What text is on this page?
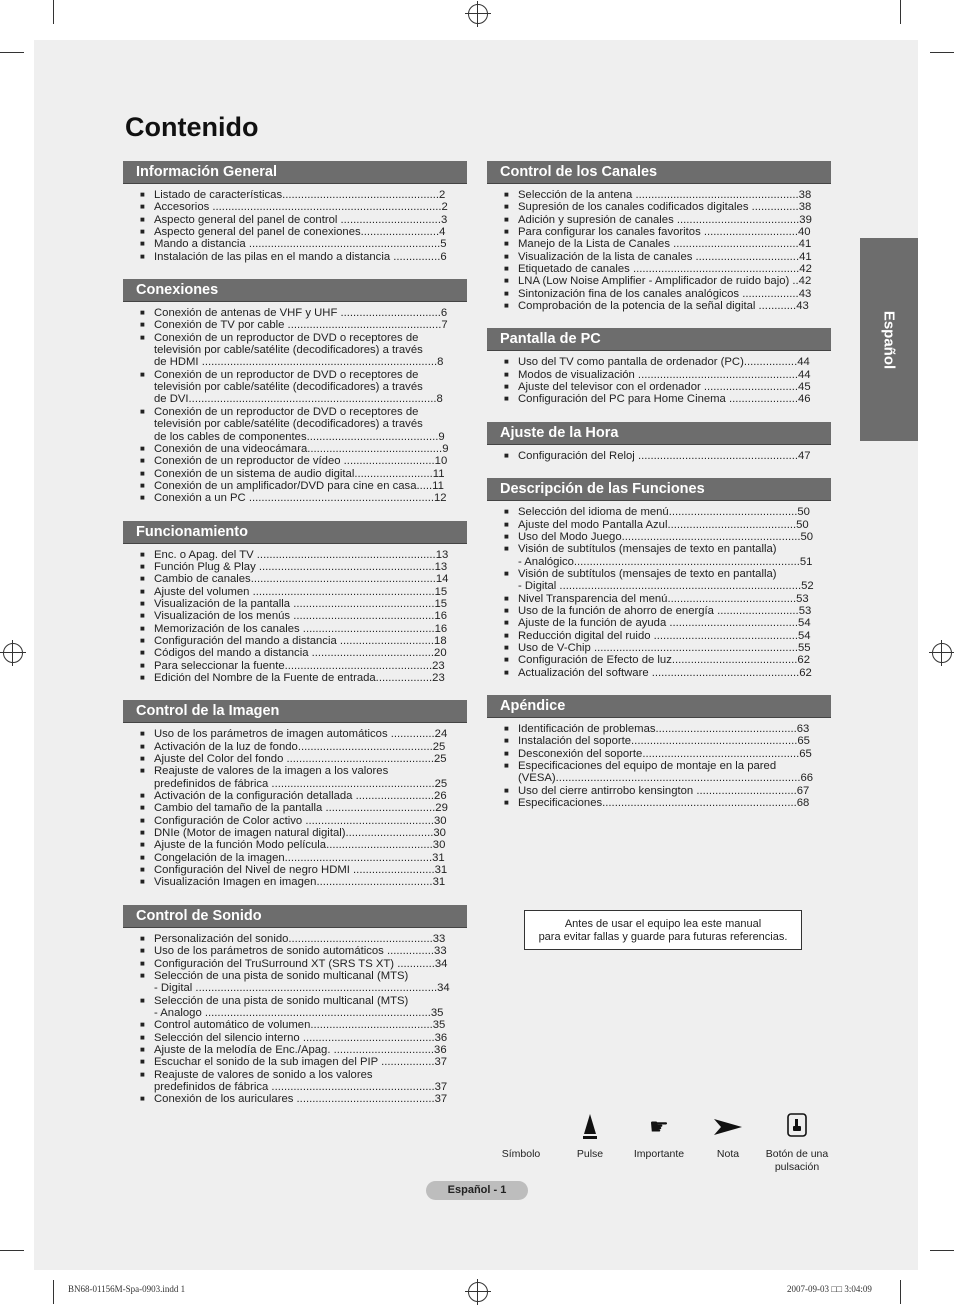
Contenido
Información General
■ Listado de características..................................................2
■ Accesorios .........................................................................2
■ Aspecto general del panel de control ................................3
■ Aspecto general del panel de conexiones.........................4
■ Mando a distancia .............................................................5
■ Instalación de las pilas en el mando a distancia ...............6
Conexiones
■ Conexión de antenas de VHF y UHF ................................6
■ Conexión de TV por cable .................................................7
■ Conexión de un reproductor de DVD o receptores de
televisión por cable/satélite (decodificadores) a través
de HDMI ...........................................................................8
■ Conexión de un reproductor de DVD o receptores de
televisión por cable/satélite (decodificadores) a través
de DVI...............................................................................8
■ Conexión de un reproductor de DVD o receptores de
televisión por cable/satélite (decodificadores) a través
de los cables de componentes..........................................9
■ Conexión de una videocámara...........................................9
■ Conexión de un reproductor de vídeo .............................10
■ Conexión de un sistema de audio digital.........................11
■ Conexión de un amplificador/DVD para cine en casa.....11
■ Conexión a un PC ...........................................................12
Funcionamiento
■ Enc. o Apag. del TV .........................................................13
■ Función Plug & Play ........................................................13
■ Cambio de canales...........................................................14
■ Ajuste del volumen ..........................................................15
■ Visualización de la pantalla .............................................15
■ Visualización de los menús .............................................16
■ Memorización de los canales ..........................................16
■ Configuración del mando a distancia ..............................18
■ Códigos del mando a distancia .......................................20
■ Para seleccionar la fuente...............................................23
■ Edición del Nombre de la Fuente de entrada..................23
Control de la Imagen
■ Uso de los parámetros de imagen automáticos ..............24
■ Activación de la luz de fondo...........................................25
■ Ajuste del Color del fondo ...............................................25
■ Reajuste de valores de la imagen a los valores
predefinidos de fábrica ....................................................25
■ Activación de la configuración detallada .........................26
■ Cambio del tamaño de la pantalla ...................................29
■ Configuración de Color activo .........................................30
■ DNIe (Motor de imagen natural digital)............................30
■ Ajuste de la función Modo película..................................30
■ Congelación de la imagen...............................................31
■ Configuración del Nivel de negro HDMI ..........................31
■ Visualización Imagen en imagen.....................................31
Control de Sonido
■ Personalización del sonido..............................................33
■ Uso de los parámetros de sonido automáticos ...............33
■ Configuración del TruSurround XT (SRS TS XT) ............34
■ Selección de una pista de sonido multicanal (MTS)
- Digital .............................................................................34
■ Selección de una pista de sonido multicanal (MTS)
- Analogo ........................................................................35
■ Control automático de volumen.......................................35
■ Selección del silencio interno ..........................................36
■ Ajuste de la melodía de Enc./Apag. ................................36
■ Escuchar el sonido de la sub imagen del PIP .................37
■ Reajuste de valores de sonido a los valores
predefinidos de fábrica ....................................................37
■ Conexión de los auriculares ............................................37
Control de los Canales
■ Selección de la antena ....................................................38
■ Supresión de los canales codificados digitales ...............38
■ Adición y supresión de canales .......................................39
■ Para configurar los canales favoritos ..............................40
■ Manejo de la Lista de Canales ........................................41
■ Visualización de la lista de canales .................................41
■ Etiquetado de canales .....................................................42
■ LNA (Low Noise Amplifier - Amplificador de ruido bajo) ..42
■ Sintonización fina de los canales analógicos ..................43
■ Comprobación de la potencia de la señal digital ............43
Pantalla de PC
■ Uso del TV como pantalla de ordenador (PC).................44
■ Modos de visualización ...................................................44
■ Ajuste del televisor con el ordenador ..............................45
■ Configuración del PC para Home Cinema ......................46
Ajuste de la Hora
■ Configuración del Reloj ...................................................47
Descripción de las Funciones
■ Selección del idioma de menú.........................................50
■ Ajuste del modo Pantalla Azul.........................................50
■ Uso del Modo Juego.........................................................50
■ Visión de subtítulos (mensajes de texto en pantalla)
- Analógico........................................................................51
■ Visión de subtítulos (mensajes de texto en pantalla)
- Digital .............................................................................52
■ Nivel Transparencia del menú.........................................53
■ Uso de la función de ahorro de energía ..........................53
■ Ajuste de la función de ayuda .........................................54
■ Reducción digital del ruido ..............................................54
■ Uso de V-Chip .................................................................55
■ Configuración de Efecto de luz........................................62
■ Actualización del software ...............................................62
Apéndice
■ Identificación de problemas.............................................63
■ Instalación del soporte.....................................................65
■ Desconexión del soporte..................................................65
■ Especificaciones del equipo de montaje en la pared
(VESA)..............................................................................66
■ Uso del cierre antirrobo kensington ................................67
■ Especificaciones..............................................................68
Español
Antes de usar el equipo lea este manual
para evitar fallas y guarde para futuras referencias.

Símbolo	Pulse
☛
Importante	Nota	Botón de una
pulsación
Español - 1
BN68-01156M-Spa-0903.indd 1	2007-09-03 □□ 3:04:09
